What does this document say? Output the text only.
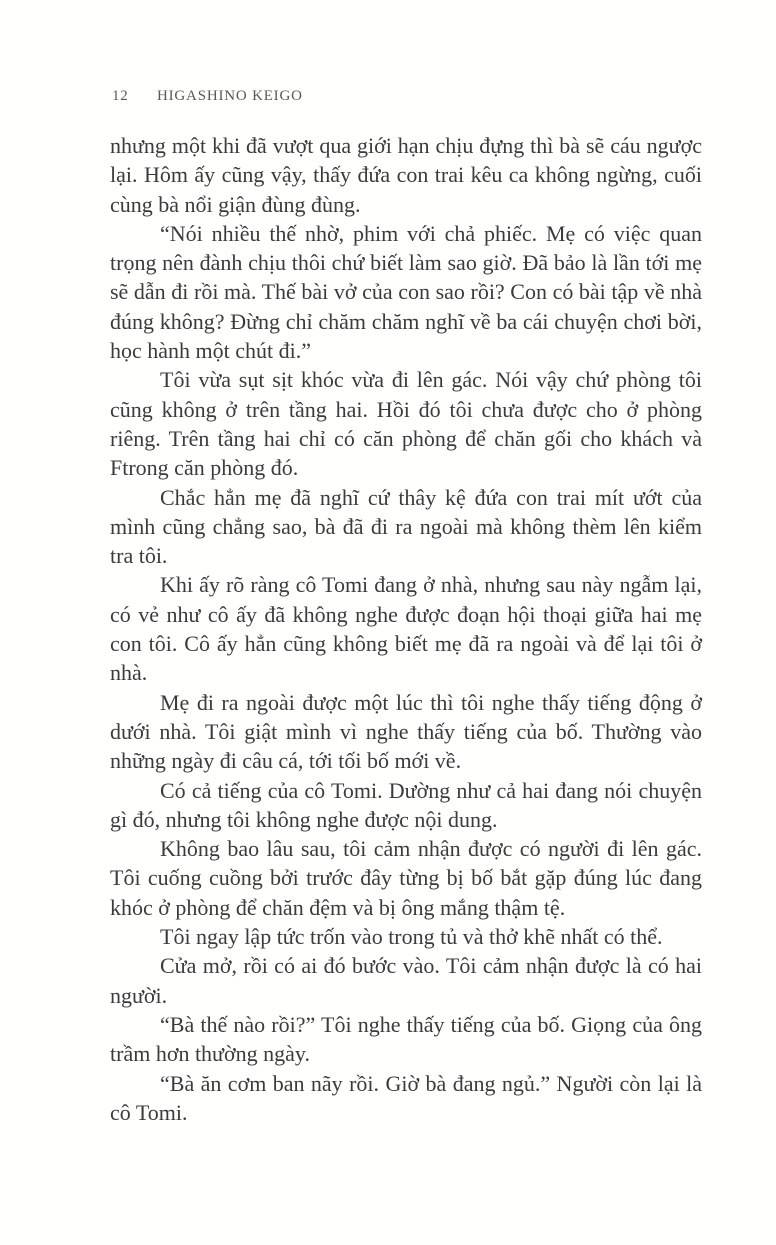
12	HIGASHINO KEIGO

nhưng một khi đã vượt qua giới hạn chịu đựng thì bà sẽ cáu ngược lại. Hôm ấy cũng vậy, thấy đứa con trai kêu ca không ngừng, cuối cùng bà nổi giận đùng đùng.

“Nói nhiều thế nhờ, phim với chả phiếc. Mẹ có việc quan trọng nên đành chịu thôi chứ biết làm sao giờ. Đã bảo là lần tới mẹ sẽ dẫn đi rồi mà. Thế bài vở của con sao rồi? Con có bài tập về nhà đúng không? Đừng chỉ chăm chăm nghĩ về ba cái chuyện chơi bời, học hành một chút đi.”

Tôi vừa sụt sịt khóc vừa đi lên gác. Nói vậy chứ phòng tôi cũng không ở trên tầng hai. Hồi đó tôi chưa được cho ở phòng riêng. Trên tầng hai chỉ có căn phòng để chăn gối cho khách và Ftrong căn phòng đó.

Chắc hẳn mẹ đã nghĩ cứ thây kệ đứa con trai mít ướt của mình cũng chẳng sao, bà đã đi ra ngoài mà không thèm lên kiểm tra tôi.

Khi ấy rõ ràng cô Tomi đang ở nhà, nhưng sau này ngẫm lại, có vẻ như cô ấy đã không nghe được đoạn hội thoại giữa hai mẹ con tôi. Cô ấy hẳn cũng không biết mẹ đã ra ngoài và để lại tôi ở nhà.

Mẹ đi ra ngoài được một lúc thì tôi nghe thấy tiếng động ở dưới nhà. Tôi giật mình vì nghe thấy tiếng của bố. Thường vào những ngày đi câu cá, tới tối bố mới về.

Có cả tiếng của cô Tomi. Dường như cả hai đang nói chuyện gì đó, nhưng tôi không nghe được nội dung.

Không bao lâu sau, tôi cảm nhận được có người đi lên gác. Tôi cuống cuồng bởi trước đây từng bị bố bắt gặp đúng lúc đang khóc ở phòng để chăn đệm và bị ông mắng thậm tệ.

Tôi ngay lập tức trốn vào trong tủ và thở khẽ nhất có thể.

Cửa mở, rồi có ai đó bước vào. Tôi cảm nhận được là có hai người.

“Bà thế nào rồi?” Tôi nghe thấy tiếng của bố. Giọng của ông trầm hơn thường ngày.

“Bà ăn cơm ban nãy rồi. Giờ bà đang ngủ.” Người còn lại là cô Tomi.
